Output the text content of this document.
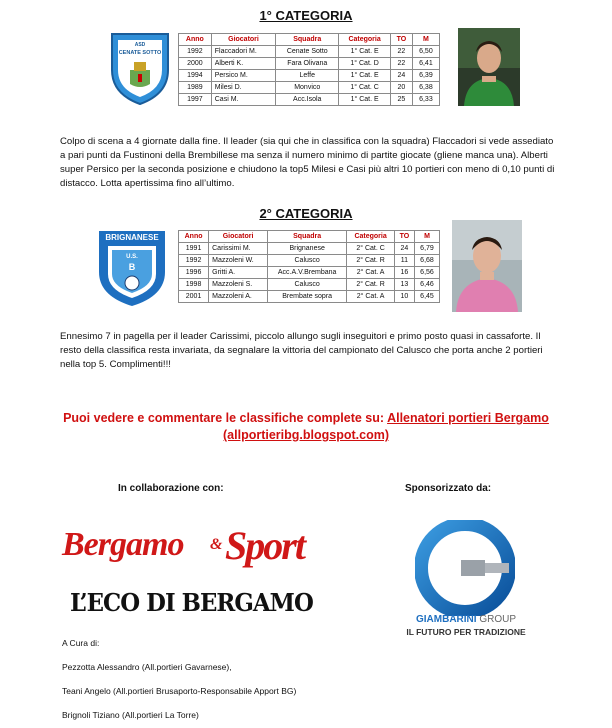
1° CATEGORIA
ASD
CENATE SOTTO
Anno	Giocatori	Squadra	Categoria	TO	M
1992	Flaccadori M.	Cenate Sotto	1° Cat. E	22	6,50
2000	Alberti K.	Fara Olivana	1° Cat. D	22	6,41
1994	Persico M.	Leffe	1° Cat. E	24	6,39
1989	Milesi D.	Monvico	1° Cat. C	20	6,38
1997	Casi M.	Acc.Isola	1° Cat. E	25	6,33
Colpo di scena a 4 giornate dalla fine. Il leader (sia qui che in classifica con la squadra) Flaccadori si vede assediato a pari punti da Fustinoni della Brembillese ma senza il numero minimo di partite giocate (gliene manca una). Alberti super Persico per la seconda posizione e chiudono la top5 Milesi e Casi più altri 10 portieri con meno di 0,10 punti di distacco. Lotta apertissima fino all’ultimo.
2° CATEGORIA
BRIGNANESE
U.S.
B
Anno	Giocatori	Squadra	Categoria	TO	M
1991	Carissimi M.	Brignanese	2° Cat. C	24	6,79
1992	Mazzoleni W.	Calusco	2° Cat. R	11	6,68
1996	Gritti A.	Acc.A.V.Brembana	2° Cat. A	16	6,56
1998	Mazzoleni S.	Calusco	2° Cat. R	13	6,46
2001	Mazzoleni A.	Brembate sopra	2° Cat. A	10	6,45
Ennesimo 7 in pagella per il leader Carissimi, piccolo allungo sugli inseguitori e primo posto quasi in cassaforte. Il resto della classifica resta invariata, da segnalare la vittoria del campionato del Calusco che porta anche 2 portieri nella top 5. Complimenti!!!
Puoi vedere e commentare le classifiche complete su: Allenatori portieri Bergamo
(allportieribg.blogspot.com)
In collaborazione con:	Sponsorizzato da:
Bergamo & Sport
L’ECO DI BERGAMO
GIAMBARINI GROUP
IL FUTURO PER TRADIZIONE
A Cura di:
Pezzotta Alessandro (All.portieri Gavarnese),
Teani Angelo (All.portieri Brusaporto-Responsabile Apport BG)
Brignoli Tiziano (All.portieri La Torre)
